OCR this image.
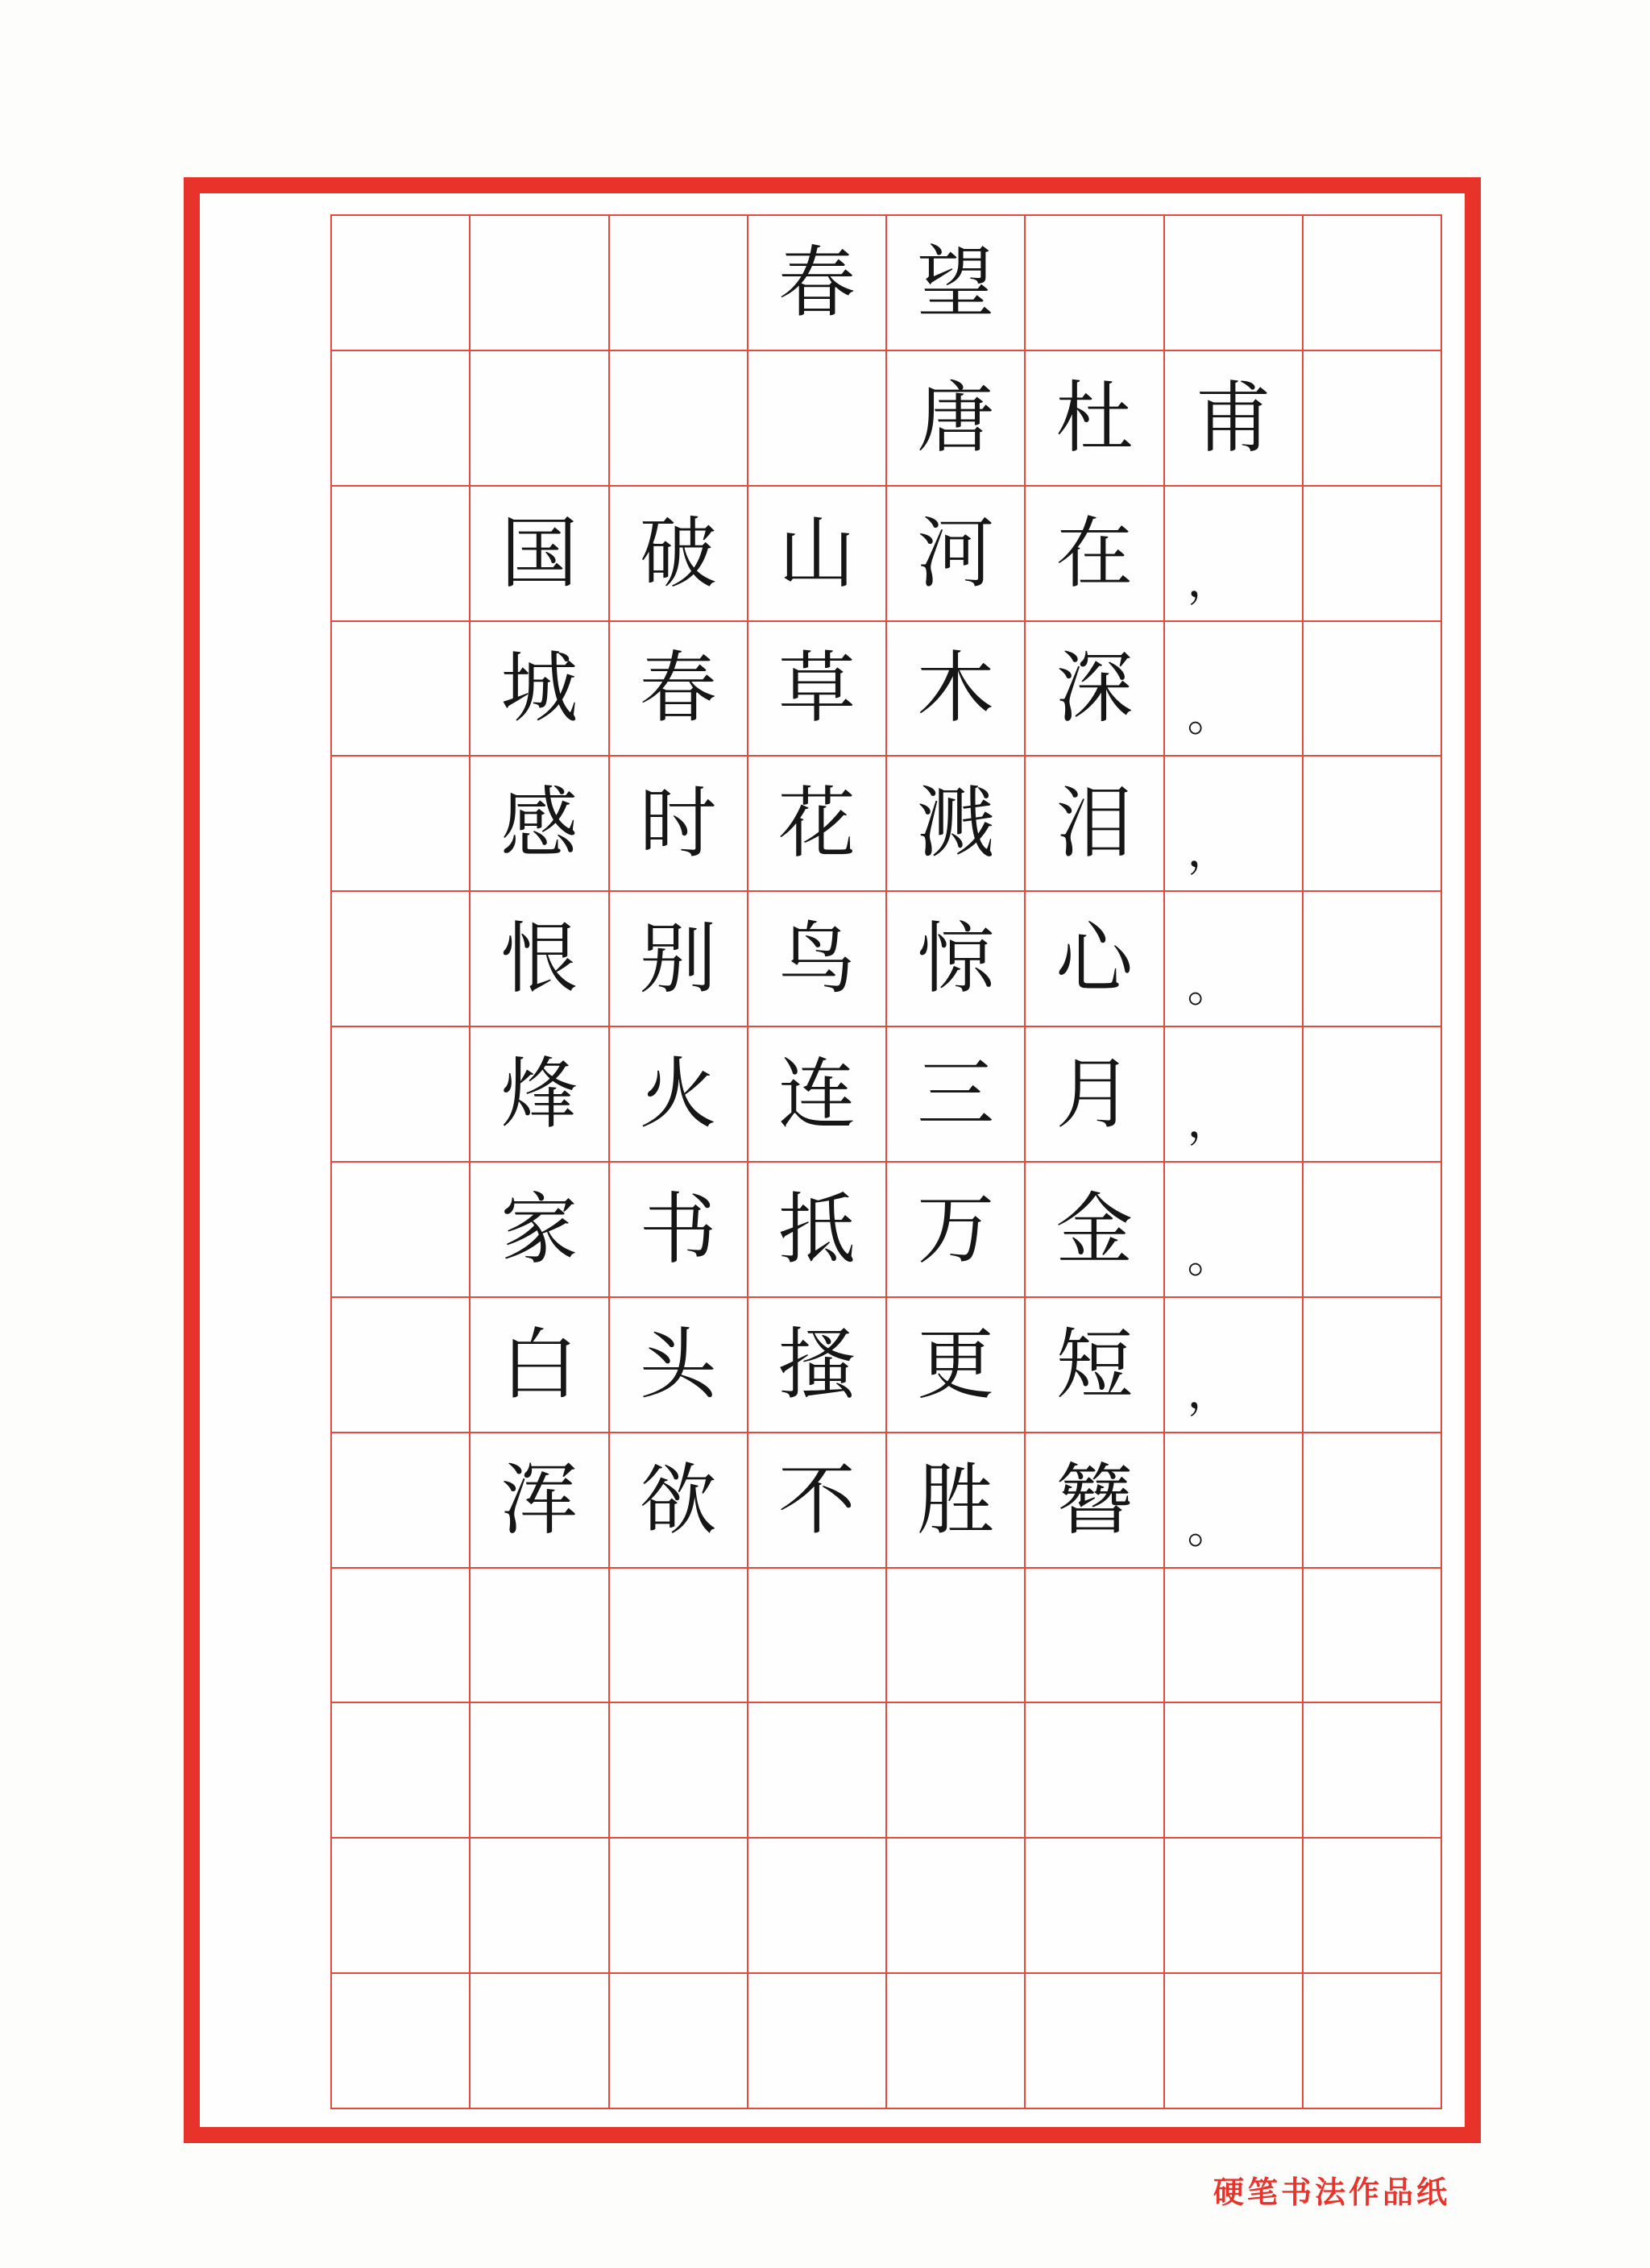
春 望
唐 杜 甫
国 破 山 河 在	，
城 春 草 木 深	。
感 时 花 溅 泪	，
恨 别 鸟 惊 心	。
烽 火 连 三 月	，
家 书 抵 万 金	。
白 头 搔 更 短	，
浑 欲 不 胜 簪	。
硬笔书法作品纸
